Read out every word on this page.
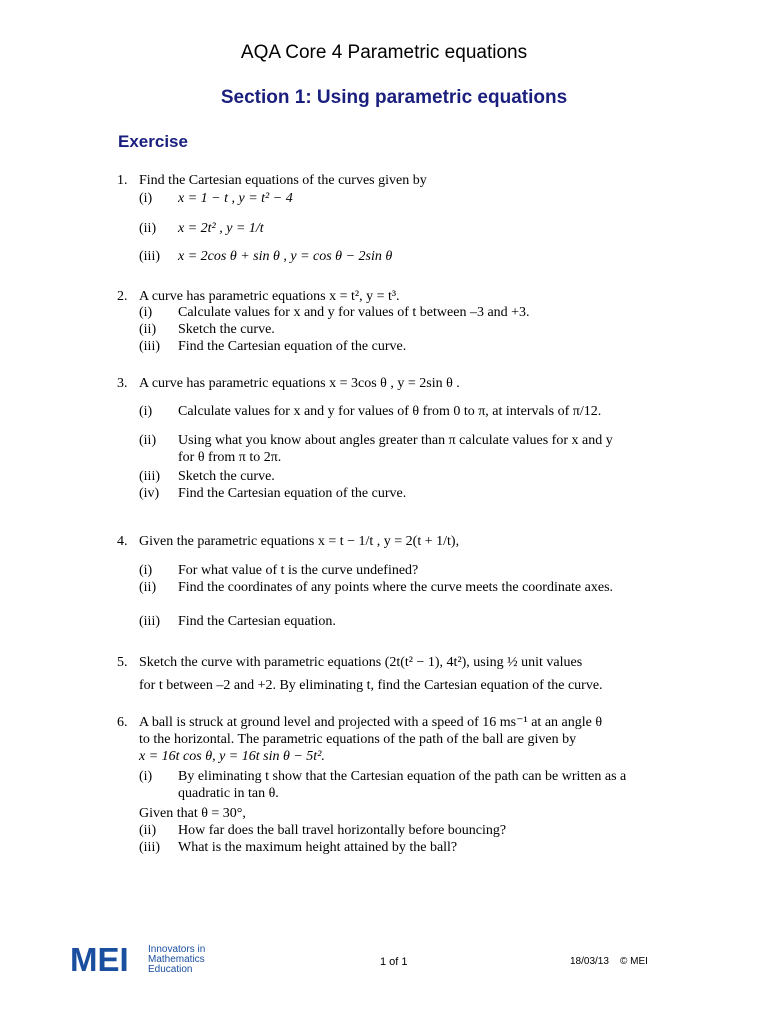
AQA Core 4 Parametric equations
Section 1: Using parametric equations
Exercise
1. Find the Cartesian equations of the curves given by
(i) x = 1 − t , y = t² − 4
(ii) x = 2t² , y = 1/t
(iii) x = 2cos θ + sin θ , y = cos θ − 2sin θ
2. A curve has parametric equations x = t², y = t³.
(i) Calculate values for x and y for values of t between –3 and +3.
(ii) Sketch the curve.
(iii) Find the Cartesian equation of the curve.
3. A curve has parametric equations x = 3cos θ , y = 2sin θ .
(i) Calculate values for x and y for values of θ from 0 to π, at intervals of π/12.
(ii) Using what you know about angles greater than π calculate values for x and y for θ from π to 2π.
(iii) Sketch the curve.
(iv) Find the Cartesian equation of the curve.
4. Given the parametric equations x = t − 1/t , y = 2(t + 1/t),
(i) For what value of t is the curve undefined?
(ii) Find the coordinates of any points where the curve meets the coordinate axes.
(iii) Find the Cartesian equation.
5. Sketch the curve with parametric equations (2t(t² − 1), 4t²), using ½ unit values
for t between –2 and +2. By eliminating t, find the Cartesian equation of the curve.
6. A ball is struck at ground level and projected with a speed of 16 ms⁻¹ at an angle θ
to the horizontal. The parametric equations of the path of the ball are given by
x = 16t cos θ, y = 16t sin θ − 5t².
(i) By eliminating t show that the Cartesian equation of the path can be written as a quadratic in tan θ.
Given that θ = 30°,
(ii) How far does the ball travel horizontally before bouncing?
(iii) What is the maximum height attained by the ball?
MEI Innovators in
Mathematics
Education
1 of 1	18/03/13 © MEI
